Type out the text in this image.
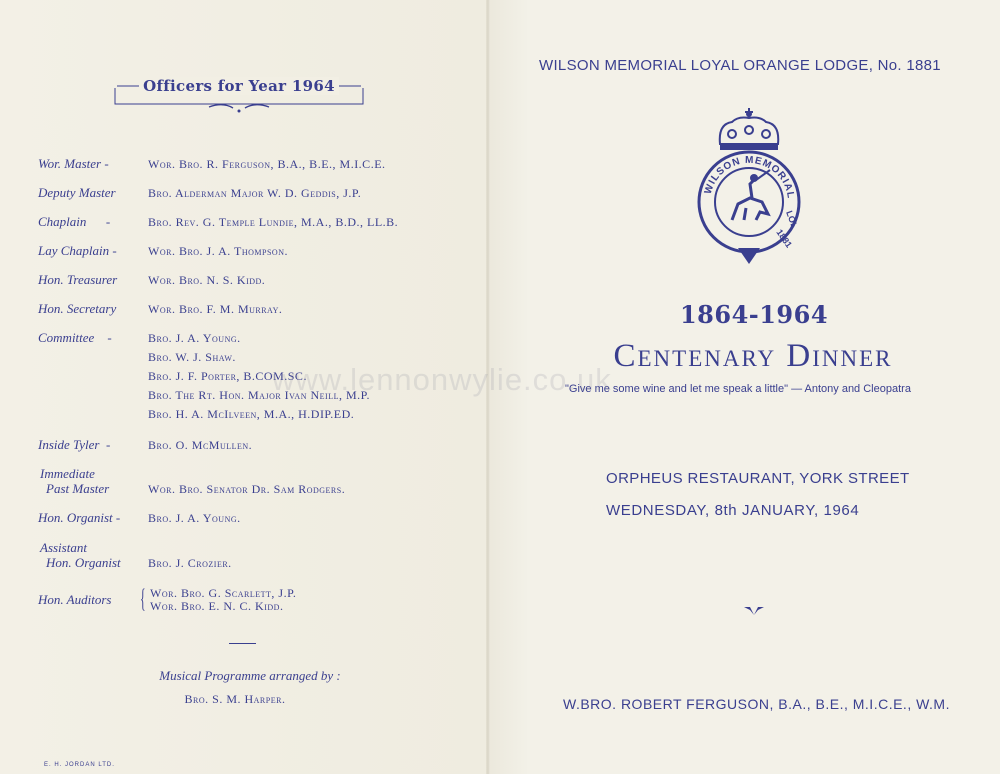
Officers for Year 1964
Wor. Master -	Wor. Bro. R. Ferguson, B.A., B.E., M.I.C.E.
Deputy Master	Bro. Alderman Major W. D. Geddis, J.P.
Chaplain      -	Bro. Rev. G. Temple Lundie, M.A., B.D., LL.B.
Lay Chaplain -	Wor. Bro. J. A. Thompson.
Hon. Treasurer	Wor. Bro. N. S. Kidd.
Hon. Secretary	Wor. Bro. F. M. Murray.
Committee    -	Bro. J. A. Young.
Bro. W. J. Shaw.
Bro. J. F. Porter, B.COM.SC.
Bro. The Rt. Hon. Major Ivan Neill, M.P.
Bro. H. A. McIlveen, M.A., H.DIP.ED.
Inside Tyler  -	Bro. O. McMullen.
Immediate
Past Master	Wor. Bro. Senator Dr. Sam Rodgers.
Hon. Organist - Bro. J. A. Young.
Assistant
Hon. Organist Bro. J. Crozier.
Hon. Auditors	Wor. Bro. G. Scarlett, J.P.
Wor. Bro. E. N. C. Kidd.
{
Musical Programme arranged by :
Bro. S. M. Harper.
E. H. JORDAN LTD.
WILSON MEMORIAL LOYAL ORANGE LODGE, No. 1881
WILSON MEMORIAL
LOL
1881
1864-1964
Centenary Dinner
"Give me some wine and let me speak a little" — Antony and Cleopatra
ORPHEUS RESTAURANT, YORK STREET
WEDNESDAY, 8th JANUARY, 1964
W.BRO. ROBERT FERGUSON, B.A., B.E., M.I.C.E., W.M.
www.lennonwylie.co.uk
